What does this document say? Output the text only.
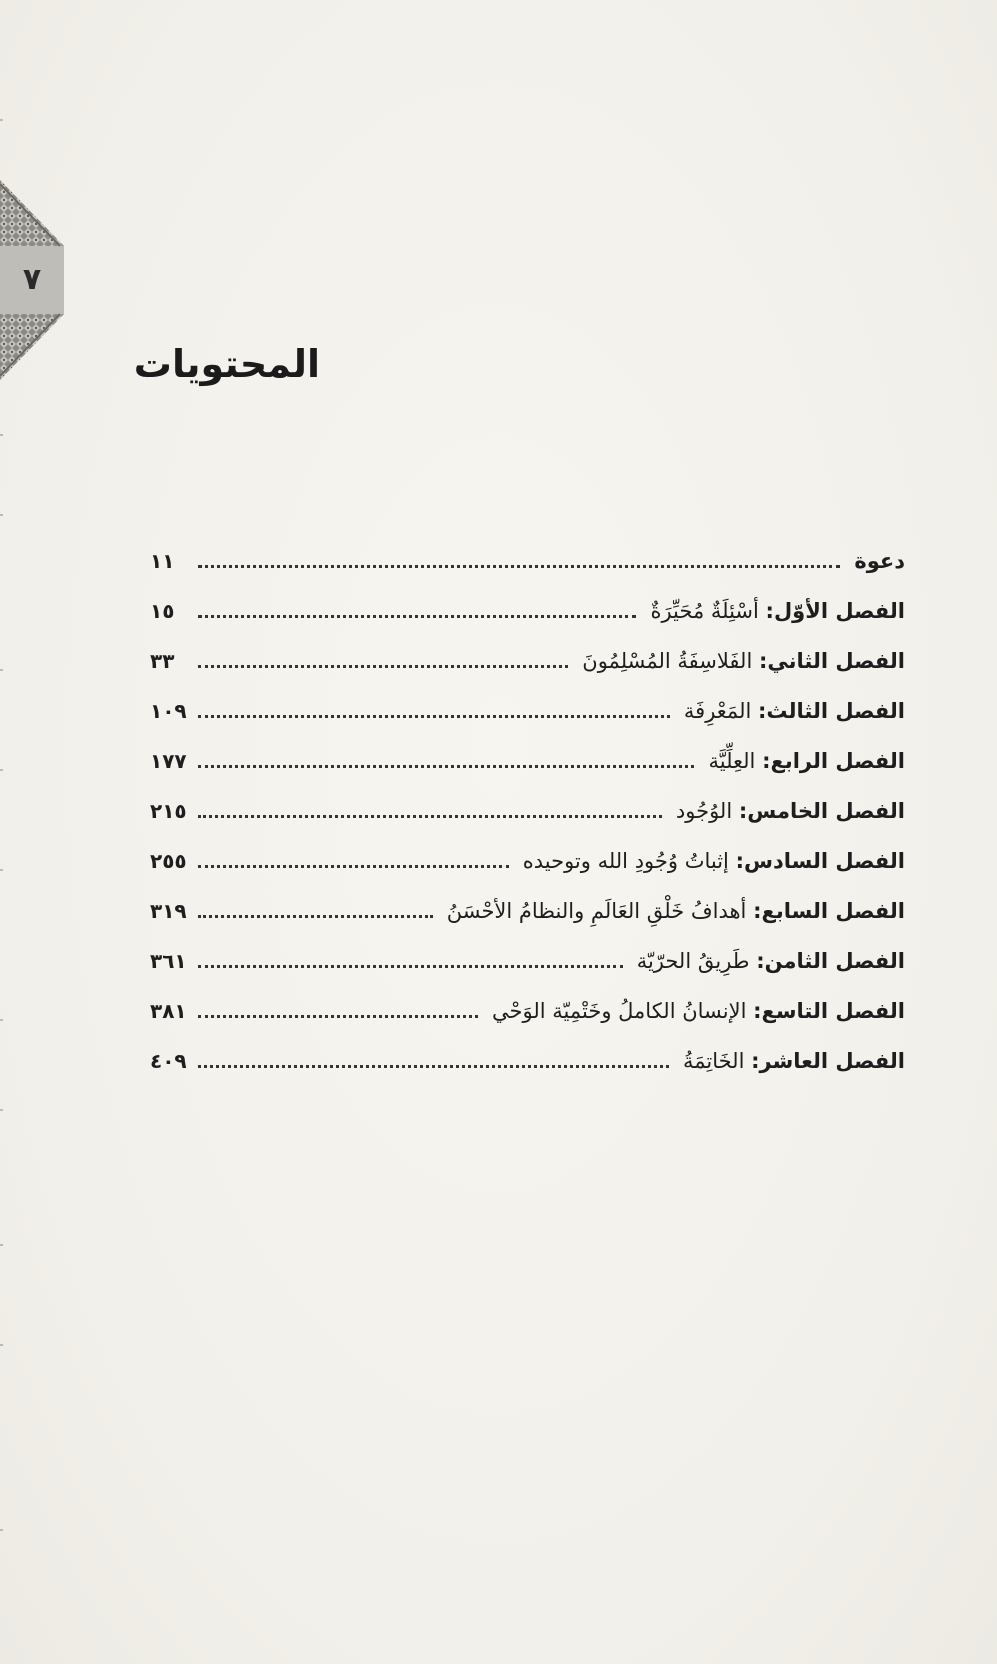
٧
المحتويات
دعوة
١١
الفصل الأوّل: أسْئِلَةٌ مُحَيِّرَةٌ
١٥
الفصل الثاني: الفَلاسِفَةُ المُسْلِمُونَ
٣٣
الفصل الثالث: المَعْرِفَة
١٠٩
الفصل الرابع: العِلِّيَّة
١٧٧
الفصل الخامس: الوُجُود
٢١٥
الفصل السادس: إثباتُ وُجُودِ الله وتوحيده
٢٥٥
الفصل السابع: أهدافُ خَلْقِ العَالَمِ والنظامُ الأحْسَنُ
٣١٩
الفصل الثامن: طَرِيقُ الحرّيّة
٣٦١
الفصل التاسع: الإنسانُ الكاملُ وخَتْمِيّة الوَحْي
٣٨١
الفصل العاشر: الخَاتِمَةُ
٤٠٩
